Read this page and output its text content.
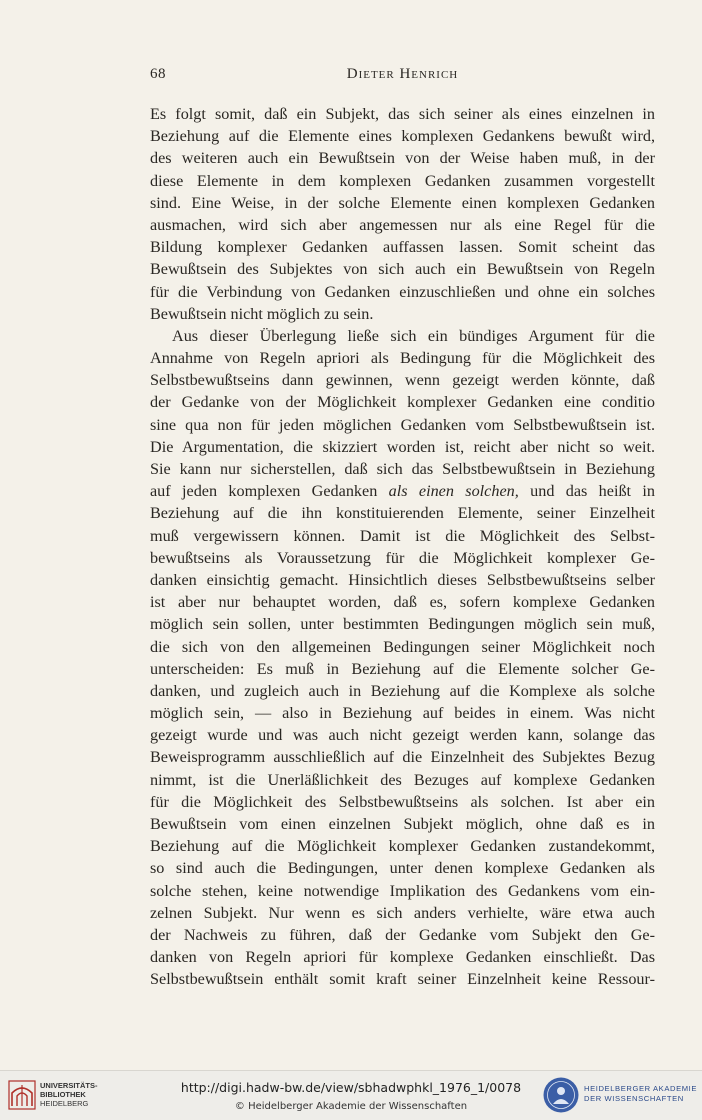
68	Dieter Henrich
Es folgt somit, daß ein Subjekt, das sich seiner als eines einzelnen in
Beziehung auf die Elemente eines komplexen Gedankens bewußt wird,
des weiteren auch ein Bewußtsein von der Weise haben muß, in der
diese Elemente in dem komplexen Gedanken zusammen vorgestellt
sind. Eine Weise, in der solche Elemente einen komplexen Gedanken
ausmachen, wird sich aber angemessen nur als eine Regel für die
Bildung komplexer Gedanken auffassen lassen. Somit scheint das
Bewußtsein des Subjektes von sich auch ein Bewußtsein von Regeln
für die Verbindung von Gedanken einzuschließen und ohne ein solches
Bewußtsein nicht möglich zu sein.
Aus dieser Überlegung ließe sich ein bündiges Argument für die
Annahme von Regeln apriori als Bedingung für die Möglichkeit des
Selbstbewußtseins dann gewinnen, wenn gezeigt werden könnte, daß
der Gedanke von der Möglichkeit komplexer Gedanken eine conditio
sine qua non für jeden möglichen Gedanken vom Selbstbewußtsein ist.
Die Argumentation, die skizziert worden ist, reicht aber nicht so weit.
Sie kann nur sicherstellen, daß sich das Selbstbewußtsein in Beziehung
auf jeden komplexen Gedanken als einen solchen, und das heißt in
Beziehung auf die ihn konstituierenden Elemente, seiner Einzelheit
muß vergewissern können. Damit ist die Möglichkeit des Selbst-
bewußtseins als Voraussetzung für die Möglichkeit komplexer Ge-
danken einsichtig gemacht. Hinsichtlich dieses Selbstbewußtseins selber
ist aber nur behauptet worden, daß es, sofern komplexe Gedanken
möglich sein sollen, unter bestimmten Bedingungen möglich sein muß,
die sich von den allgemeinen Bedingungen seiner Möglichkeit noch
unterscheiden: Es muß in Beziehung auf die Elemente solcher Ge-
danken, und zugleich auch in Beziehung auf die Komplexe als solche
möglich sein, — also in Beziehung auf beides in einem. Was nicht
gezeigt wurde und was auch nicht gezeigt werden kann, solange das
Beweisprogramm ausschließlich auf die Einzelnheit des Subjektes Bezug
nimmt, ist die Unerläßlichkeit des Bezuges auf komplexe Gedanken
für die Möglichkeit des Selbstbewußtseins als solchen. Ist aber ein
Bewußtsein vom einen einzelnen Subjekt möglich, ohne daß es in
Beziehung auf die Möglichkeit komplexer Gedanken zustandekommt,
so sind auch die Bedingungen, unter denen komplexe Gedanken als
solche stehen, keine notwendige Implikation des Gedankens vom ein-
zelnen Subjekt. Nur wenn es sich anders verhielte, wäre etwa auch
der Nachweis zu führen, daß der Gedanke vom Subjekt den Ge-
danken von Regeln apriori für komplexe Gedanken einschließt. Das
Selbstbewußtsein enthält somit kraft seiner Einzelnheit keine Ressour-
UNIVERSITÄTS-
BIBLIOTHEK
HEIDELBERG
http://digi.hadw-bw.de/view/sbhadwphkl_1976_1/0078
© Heidelberger Akademie der Wissenschaften
HEIDELBERGER AKADEMIE
DER WISSENSCHAFTEN
